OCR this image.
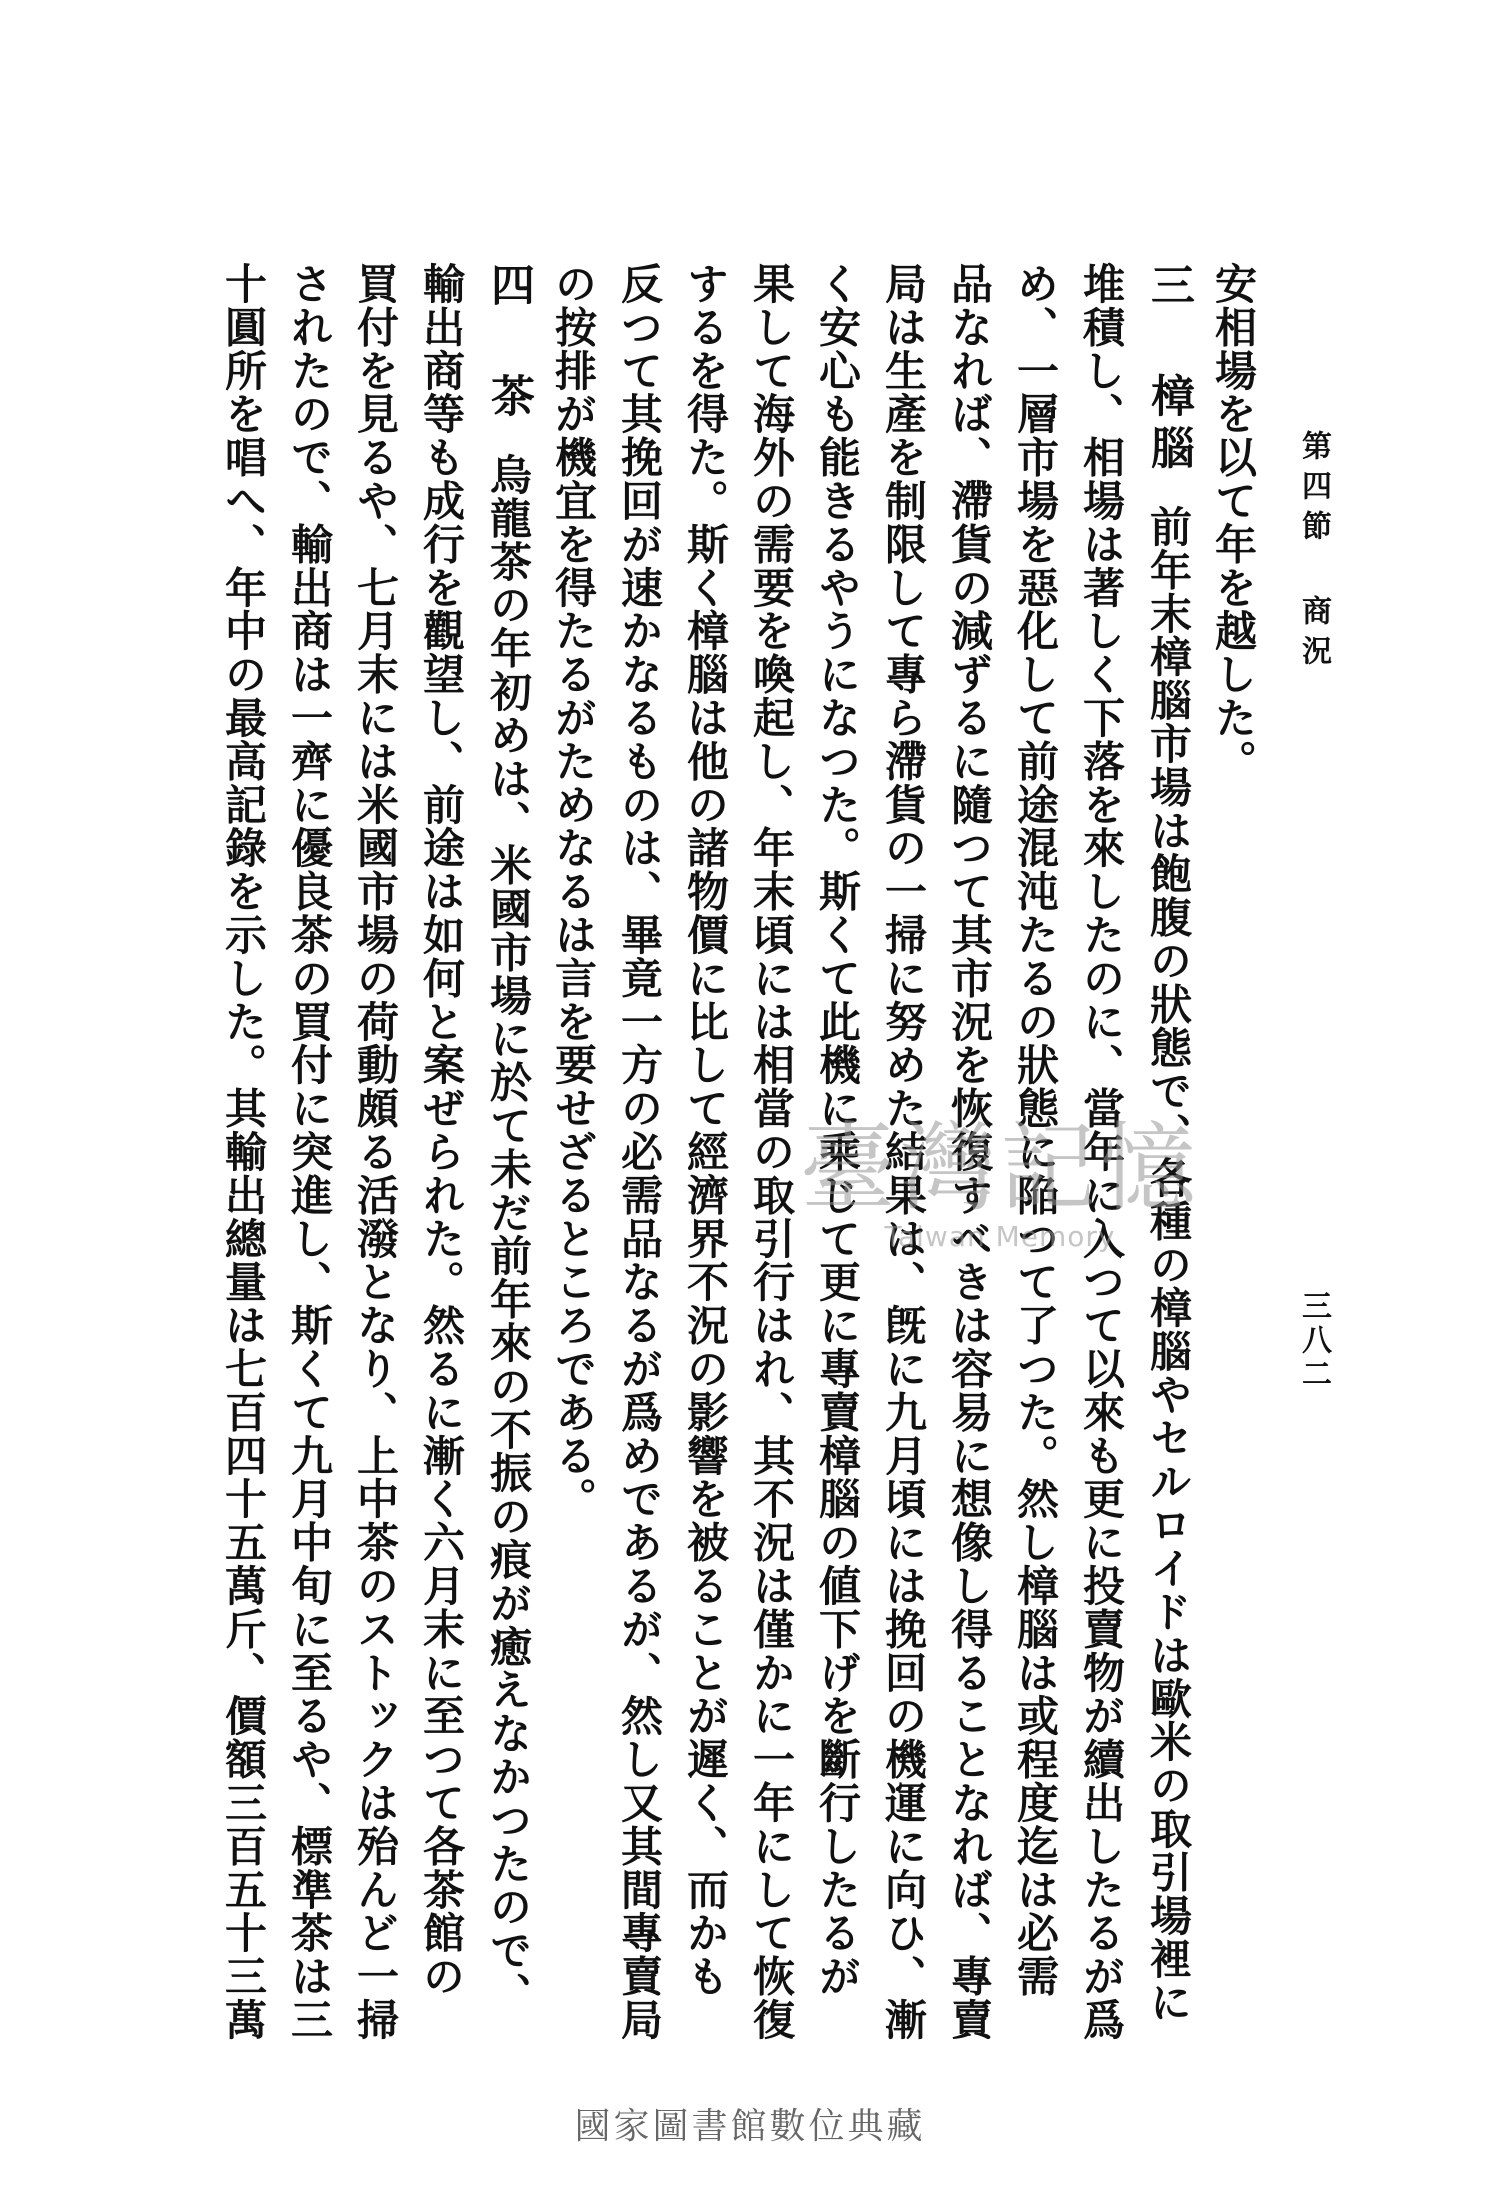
第四節 商況
三八二
安相場を以て年を越した。
三 樟腦前年末樟腦市場は飽腹の狀態で、各種の樟腦やセルロイドは歐米の取引場裡に
堆積し、相場は著しく下落を來したのに、當年に入つて以來も更に投賣物が續出したるが爲
め、一層市場を惡化して前途混沌たるの狀態に陥つて了つた。然し樟腦は或程度迄は必需
品なれば、滯貨の減ずるに隨つて其市況を恢復すべきは容易に想像し得ることなれば、專賣
局は生產を制限して專ら滯貨の一掃に努めた結果は、旣に九月頃には挽回の機運に向ひ、漸
く安心も能きるやうになつた。斯くて此機に乘じて更に專賣樟腦の値下げを斷行したるが
果して海外の需要を喚起し、年末頃には相當の取引行はれ、其不況は僅かに一年にして恢復
するを得た。斯く樟腦は他の諸物價に比して經濟界不況の影響を被ることが遲く、而かも
反つて其挽回が速かなるものは、畢竟一方の必需品なるが爲めであるが、然し又其間專賣局
の按排が機宜を得たるがためなるは言を要せざるところである。
四 茶烏龍茶の年初めは、米國市場に於て未だ前年來の不振の痕が癒えなかつたので、
輸出商等も成行を觀望し、前途は如何と案ぜられた。然るに漸く六月末に至つて各茶館の
買付を見るや、七月末には米國市場の荷動頗る活潑となり、上中茶のストックは殆んど一掃
されたので、輸出商は一齊に優良茶の買付に突進し、斯くて九月中旬に至るや、標準茶は三
十圓所を唱へ、年中の最高記錄を示した。其輸出總量は七百四十五萬斤、價額三百五十三萬	臺灣記憶
Taiwan Memory
國家圖書館數位典藏
